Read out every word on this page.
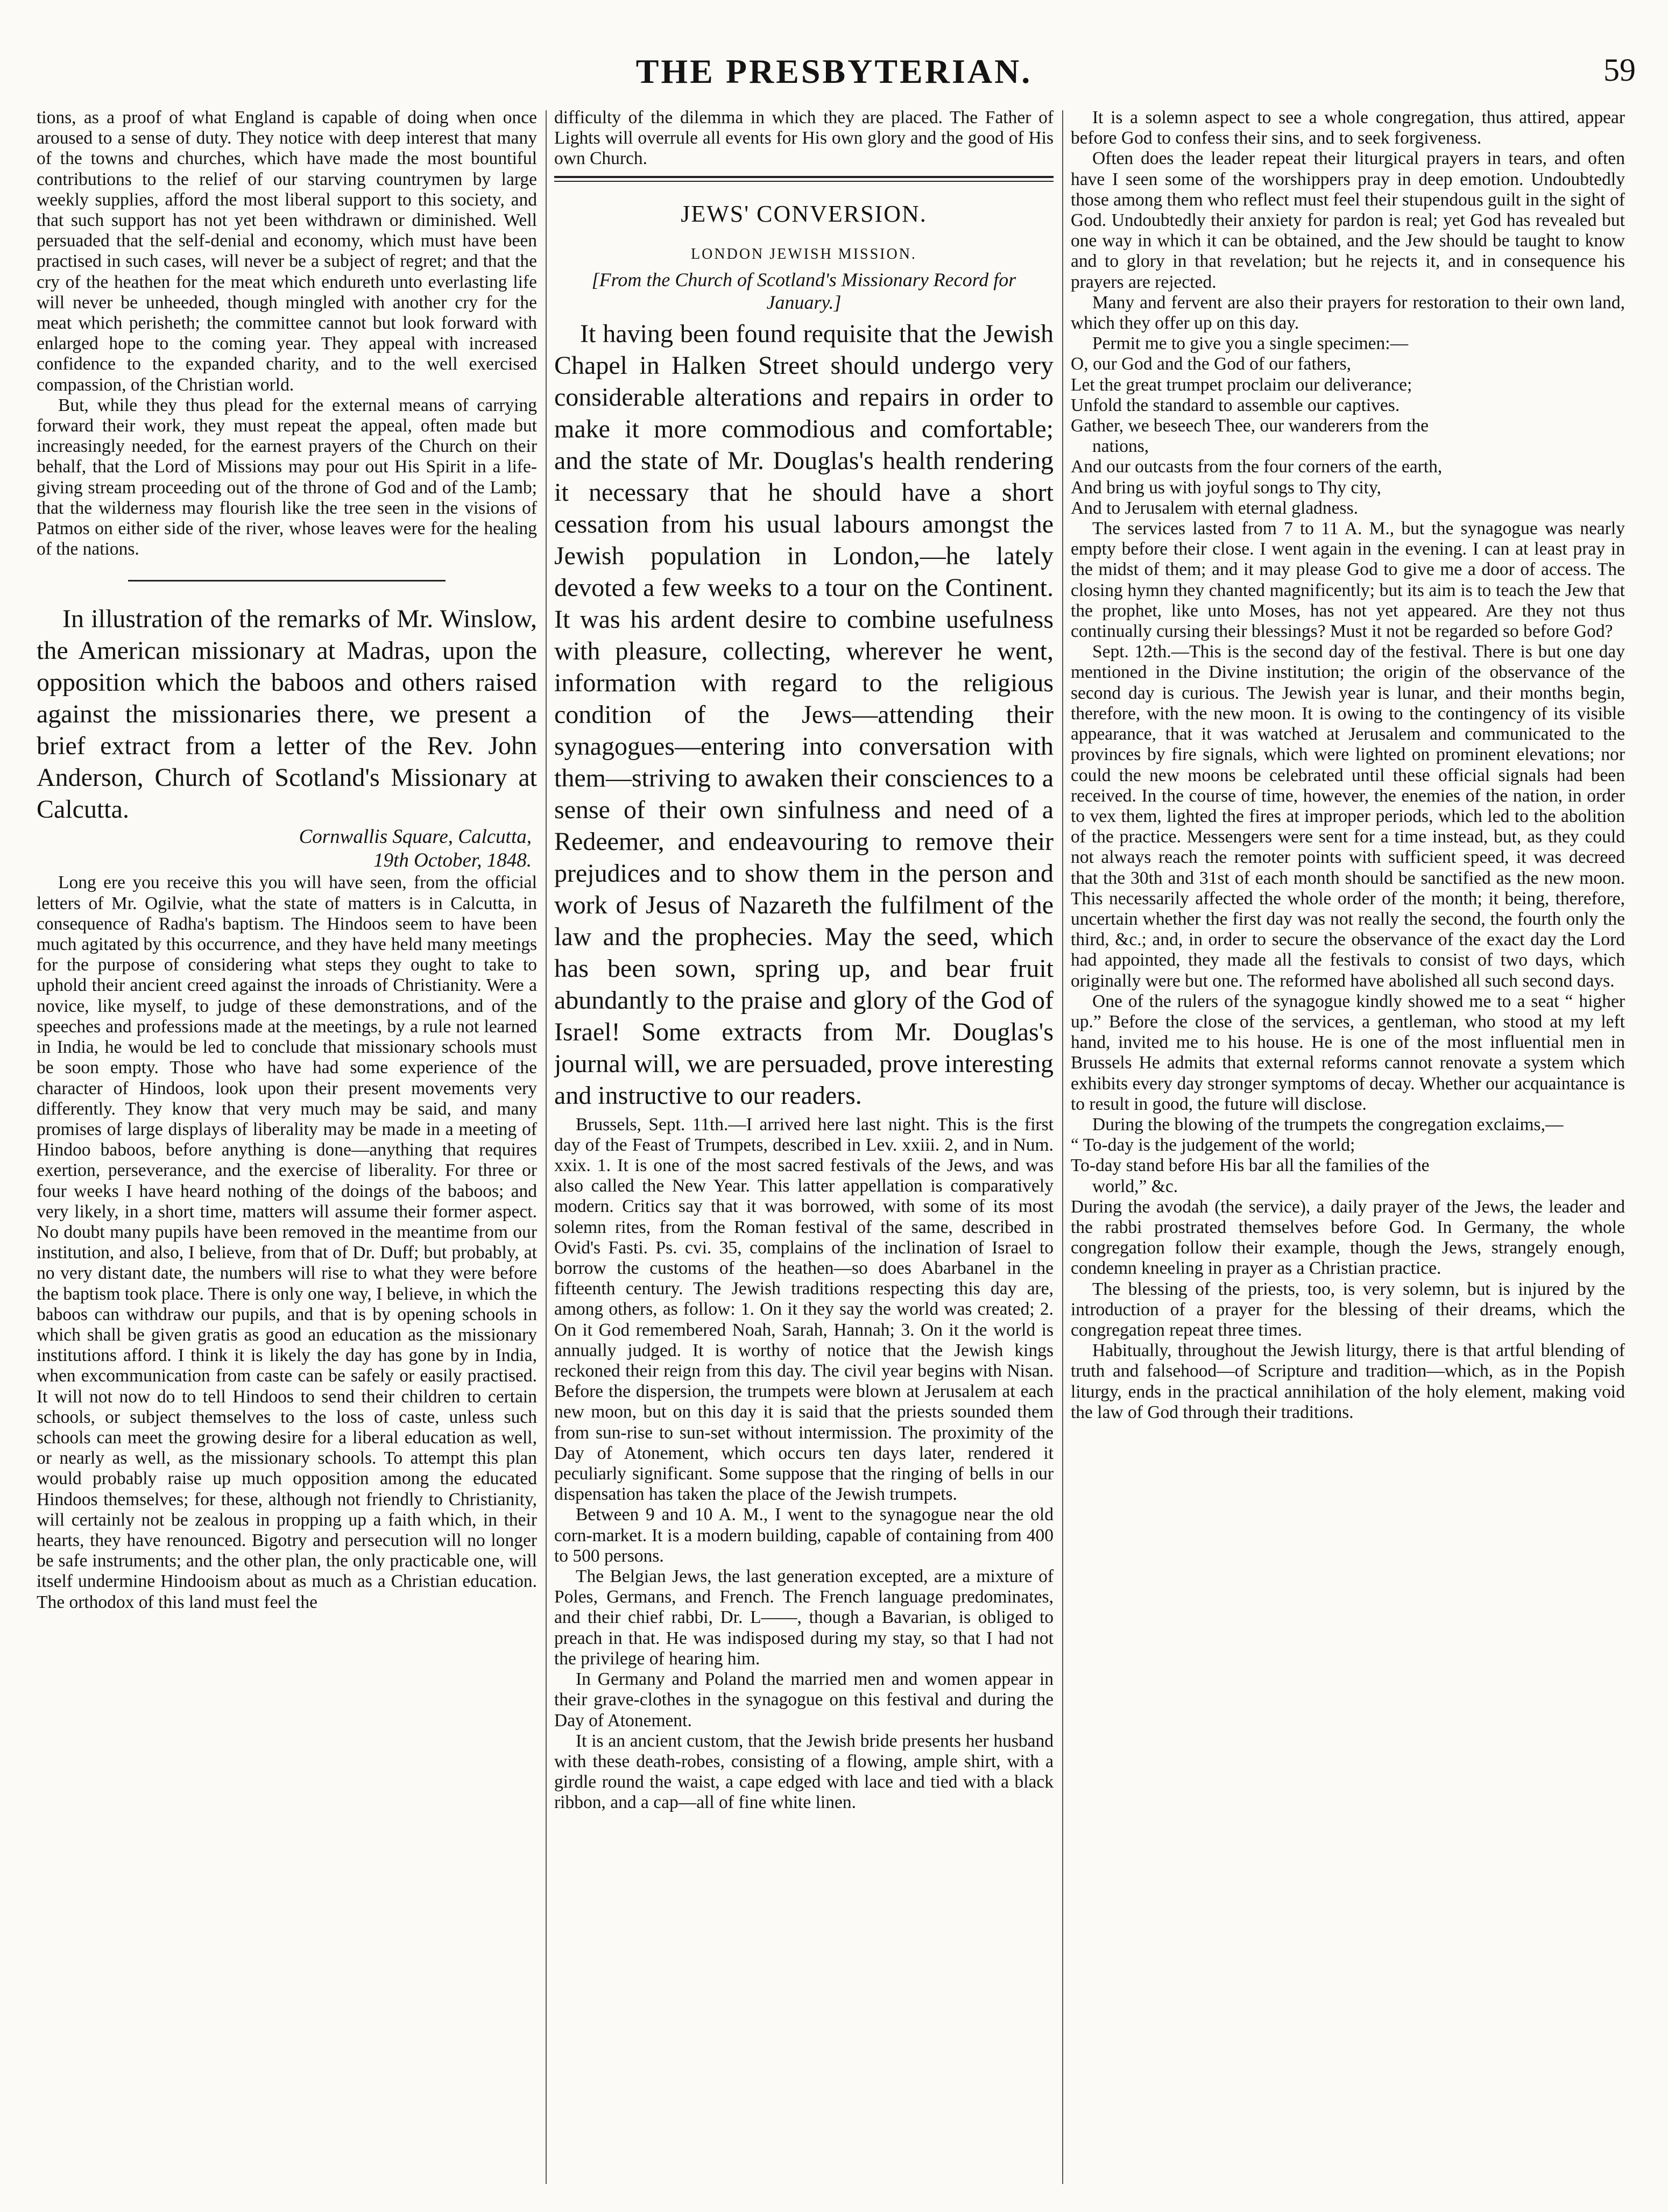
THE PRESBYTERIAN.	59

tions, as a proof of what England is capable of doing when once aroused to a sense of duty. They notice with deep interest that many of the towns and churches, which have made the most bountiful contributions to the relief of our starving countrymen by large weekly supplies, afford the most liberal support to this society, and that such support has not yet been withdrawn or diminished. Well persuaded that the self-denial and economy, which must have been practised in such cases, will never be a subject of regret; and that the cry of the heathen for the meat which endureth unto everlasting life will never be unheeded, though mingled with another cry for the meat which perisheth; the committee cannot but look forward with enlarged hope to the coming year. They appeal with increased confidence to the expanded charity, and to the well exercised compassion, of the Christian world.

But, while they thus plead for the external means of carrying forward their work, they must repeat the appeal, often made but increasingly needed, for the earnest prayers of the Church on their behalf, that the Lord of Missions may pour out His Spirit in a life-giving stream proceeding out of the throne of God and of the Lamb; that the wilderness may flourish like the tree seen in the visions of Patmos on either side of the river, whose leaves were for the healing of the nations.

In illustration of the remarks of Mr. Winslow, the American missionary at Madras, upon the opposition which the baboos and others raised against the missionaries there, we present a brief extract from a letter of the Rev. John Anderson, Church of Scotland's Missionary at Calcutta.

Cornwallis Square, Calcutta,
19th October, 1848.

Long ere you receive this you will have seen, from the official letters of Mr. Ogilvie, what the state of matters is in Calcutta, in consequence of Radha's baptism. The Hindoos seem to have been much agitated by this occurrence, and they have held many meetings for the purpose of considering what steps they ought to take to uphold their ancient creed against the inroads of Christianity. Were a novice, like myself, to judge of these demonstrations, and of the speeches and professions made at the meetings, by a rule not learned in India, he would be led to conclude that missionary schools must be soon empty. Those who have had some experience of the character of Hindoos, look upon their present movements very differently. They know that very much may be said, and many promises of large displays of liberality may be made in a meeting of Hindoo baboos, before anything is done—anything that requires exertion, perseverance, and the exercise of liberality. For three or four weeks I have heard nothing of the doings of the baboos; and very likely, in a short time, matters will assume their former aspect. No doubt many pupils have been removed in the meantime from our institution, and also, I believe, from that of Dr. Duff; but probably, at no very distant date, the numbers will rise to what they were before the baptism took place. There is only one way, I believe, in which the baboos can withdraw our pupils, and that is by opening schools in which shall be given gratis as good an education as the missionary institutions afford. I think it is likely the day has gone by in India, when excommunication from caste can be safely or easily practised. It will not now do to tell Hindoos to send their children to certain schools, or subject themselves to the loss of caste, unless such schools can meet the growing desire for a liberal education as well, or nearly as well, as the missionary schools. To attempt this plan would probably raise up much opposition among the educated Hindoos themselves; for these, although not friendly to Christianity, will certainly not be zealous in propping up a faith which, in their hearts, they have renounced. Bigotry and persecution will no longer be safe instruments; and the other plan, the only practicable one, will itself undermine Hindooism about as much as a Christian education. The orthodox of this land must feel the

difficulty of the dilemma in which they are placed. The Father of Lights will overrule all events for His own glory and the good of His own Church.

JEWS' CONVERSION.
LONDON JEWISH MISSION.
[From the Church of Scotland's Missionary Record for January.]

It having been found requisite that the Jewish Chapel in Halken Street should undergo very considerable alterations and repairs in order to make it more commodious and comfortable; and the state of Mr. Douglas's health rendering it necessary that he should have a short cessation from his usual labours amongst the Jewish population in London,—he lately devoted a few weeks to a tour on the Continent. It was his ardent desire to combine usefulness with pleasure, collecting, wherever he went, information with regard to the religious condition of the Jews—attending their synagogues—entering into conversation with them—striving to awaken their consciences to a sense of their own sinfulness and need of a Redeemer, and endeavouring to remove their prejudices and to show them in the person and work of Jesus of Nazareth the fulfilment of the law and the prophecies. May the seed, which has been sown, spring up, and bear fruit abundantly to the praise and glory of the God of Israel! Some extracts from Mr. Douglas's journal will, we are persuaded, prove interesting and instructive to our readers.

Brussels, Sept. 11th.—I arrived here last night. This is the first day of the Feast of Trumpets, described in Lev. xxiii. 2, and in Num. xxix. 1. It is one of the most sacred festivals of the Jews, and was also called the New Year. This latter appellation is comparatively modern. Critics say that it was borrowed, with some of its most solemn rites, from the Roman festival of the same, described in Ovid's Fasti. Ps. cvi. 35, complains of the inclination of Israel to borrow the customs of the heathen—so does Abarbanel in the fifteenth century. The Jewish traditions respecting this day are, among others, as follow: 1. On it they say the world was created; 2. On it God remembered Noah, Sarah, Hannah; 3. On it the world is annually judged. It is worthy of notice that the Jewish kings reckoned their reign from this day. The civil year begins with Nisan. Before the dispersion, the trumpets were blown at Jerusalem at each new moon, but on this day it is said that the priests sounded them from sun-rise to sun-set without intermission. The proximity of the Day of Atonement, which occurs ten days later, rendered it peculiarly significant. Some suppose that the ringing of bells in our dispensation has taken the place of the Jewish trumpets.

Between 9 and 10 A. M., I went to the synagogue near the old corn-market. It is a modern building, capable of containing from 400 to 500 persons.

The Belgian Jews, the last generation excepted, are a mixture of Poles, Germans, and French. The French language predominates, and their chief rabbi, Dr. L——, though a Bavarian, is obliged to preach in that. He was indisposed during my stay, so that I had not the privilege of hearing him.

In Germany and Poland the married men and women appear in their grave-clothes in the synagogue on this festival and during the Day of Atonement.

It is an ancient custom, that the Jewish bride presents her husband with these death-robes, consisting of a flowing, ample shirt, with a girdle round the waist, a cape edged with lace and tied with a black ribbon, and a cap—all of fine white linen.

It is a solemn aspect to see a whole congregation, thus attired, appear before God to confess their sins, and to seek forgiveness.

Often does the leader repeat their liturgical prayers in tears, and often have I seen some of the worshippers pray in deep emotion. Undoubtedly those among them who reflect must feel their stupendous guilt in the sight of God. Undoubtedly their anxiety for pardon is real; yet God has revealed but one way in which it can be obtained, and the Jew should be taught to know and to glory in that revelation; but he rejects it, and in consequence his prayers are rejected.

Many and fervent are also their prayers for restoration to their own land, which they offer up on this day.

Permit me to give you a single specimen:—

O, our God and the God of our fathers,

Let the great trumpet proclaim our deliverance;

Unfold the standard to assemble our captives.

Gather, we beseech Thee, our wanderers from the

nations,

And our outcasts from the four corners of the earth,

And bring us with joyful songs to Thy city,

And to Jerusalem with eternal gladness.

The services lasted from 7 to 11 A. M., but the synagogue was nearly empty before their close. I went again in the evening. I can at least pray in the midst of them; and it may please God to give me a door of access. The closing hymn they chanted magnificently; but its aim is to teach the Jew that the prophet, like unto Moses, has not yet appeared. Are they not thus continually cursing their blessings? Must it not be regarded so before God?

Sept. 12th.—This is the second day of the festival. There is but one day mentioned in the Divine institution; the origin of the observance of the second day is curious. The Jewish year is lunar, and their months begin, therefore, with the new moon. It is owing to the contingency of its visible appearance, that it was watched at Jerusalem and communicated to the provinces by fire signals, which were lighted on prominent elevations; nor could the new moons be celebrated until these official signals had been received. In the course of time, however, the enemies of the nation, in order to vex them, lighted the fires at improper periods, which led to the abolition of the practice. Messengers were sent for a time instead, but, as they could not always reach the remoter points with sufficient speed, it was decreed that the 30th and 31st of each month should be sanctified as the new moon. This necessarily affected the whole order of the month; it being, therefore, uncertain whether the first day was not really the second, the fourth only the third, &c.; and, in order to secure the observance of the exact day the Lord had appointed, they made all the festivals to consist of two days, which originally were but one. The reformed have abolished all such second days.

One of the rulers of the synagogue kindly showed me to a seat “ higher up.” Before the close of the services, a gentleman, who stood at my left hand, invited me to his house. He is one of the most influential men in Brussels He admits that external reforms cannot renovate a system which exhibits every day stronger symptoms of decay. Whether our acquaintance is to result in good, the future will disclose.

During the blowing of the trumpets the congregation exclaims,—

“ To-day is the judgement of the world;

To-day stand before His bar all the families of the

world,” &c.

During the avodah (the service), a daily prayer of the Jews, the leader and the rabbi prostrated themselves before God. In Germany, the whole congregation follow their example, though the Jews, strangely enough, condemn kneeling in prayer as a Christian practice.

The blessing of the priests, too, is very solemn, but is injured by the introduction of a prayer for the blessing of their dreams, which the congregation repeat three times.

Habitually, throughout the Jewish liturgy, there is that artful blending of truth and falsehood—of Scripture and tradition—which, as in the Popish liturgy, ends in the practical annihilation of the holy element, making void the law of God through their traditions.
